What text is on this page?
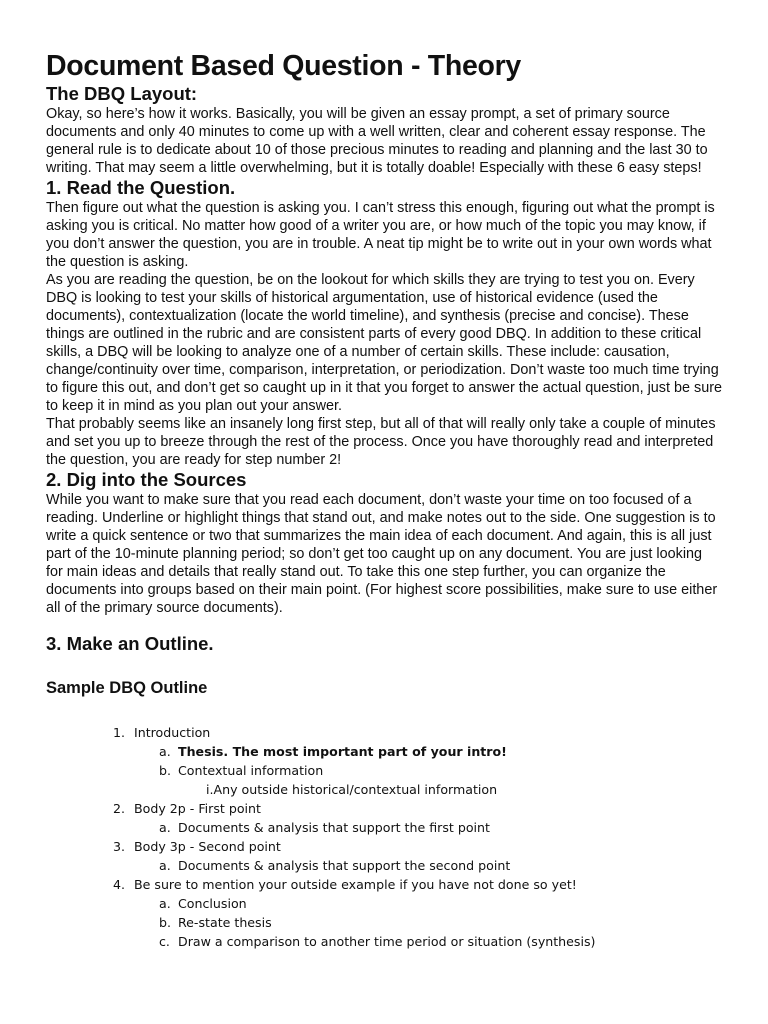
Document Based Question - Theory
The DBQ Layout:

Okay, so here’s how it works. Basically, you will be given an essay prompt, a set of primary source documents and only 40 minutes to come up with a well written, clear and coherent essay response. The general rule is to dedicate about 10 of those precious minutes to reading and planning and the last 30 to writing. That may seem a little overwhelming, but it is totally doable! Especially with these 6 easy steps!

1. Read the Question.

Then figure out what the question is asking you. I can’t stress this enough, figuring out what the prompt is asking you is critical. No matter how good of a writer you are, or how much of the topic you may know, if you don’t answer the question, you are in trouble. A neat tip might be to write out in your own words what the question is asking.

As you are reading the question, be on the lookout for which skills they are trying to test you on. Every DBQ is looking to test your skills of historical argumentation, use of historical evidence (used the documents), contextualization (locate the world timeline), and synthesis (precise and concise). These things are outlined in the rubric and are consistent parts of every good DBQ. In addition to these critical skills, a DBQ will be looking to analyze one of a number of certain skills. These include: causation, change/continuity over time, comparison, interpretation, or periodization. Don’t waste too much time trying to figure this out, and don’t get so caught up in it that you forget to answer the actual question, just be sure to keep it in mind as you plan out your answer.

That probably seems like an insanely long first step, but all of that will really only take a couple of minutes and set you up to breeze through the rest of the process. Once you have thoroughly read and interpreted the question, you are ready for step number 2!

2. Dig into the Sources

While you want to make sure that you read each document, don’t waste your time on too focused of a reading. Underline or highlight things that stand out, and make notes out to the side. One suggestion is to write a quick sentence or two that summarizes the main idea of each document. And again, this is all just part of the 10-minute planning period; so don’t get too caught up on any document. You are just looking for main ideas and details that really stand out. To take this one step further, you can organize the documents into groups based on their main point. (For highest score possibilities, make sure to use either all of the primary source documents).

3. Make an Outline.
Sample DBQ Outline
1. Introduction
a. Thesis. The most important part of your intro!
b. Contextual information
i.Any outside historical/contextual information
2. Body 2p - First point
a. Documents & analysis that support the first point
3. Body 3p - Second point
a. Documents & analysis that support the second point
4. Be sure to mention your outside example if you have not done so yet!
a. Conclusion
b. Re-state thesis
c. Draw a comparison to another time period or situation (synthesis)
